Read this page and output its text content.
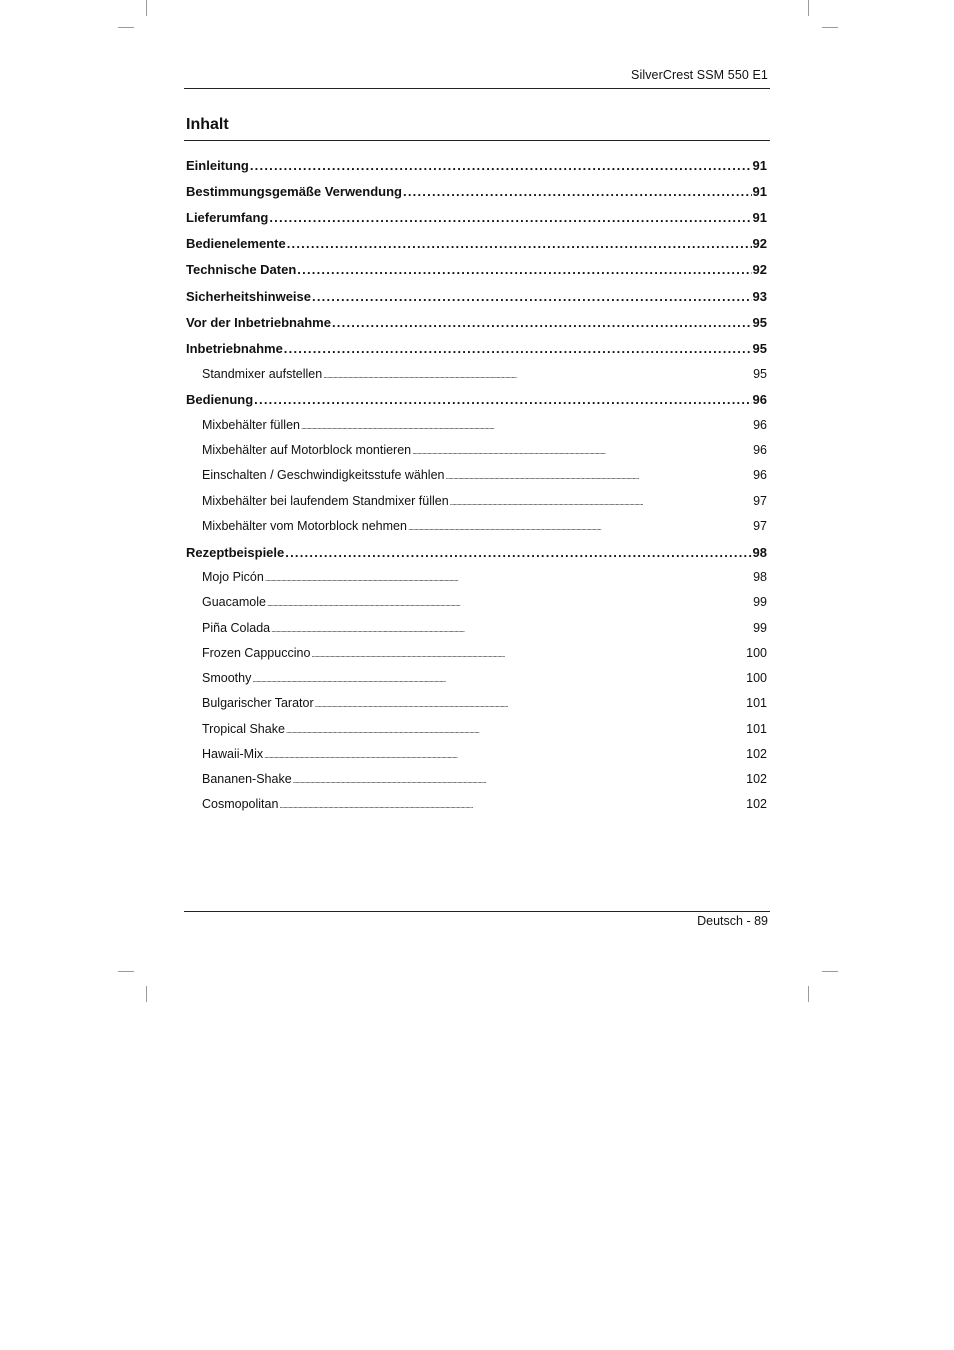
SilverCrest SSM 550 E1
Inhalt
Einleitung . . .	91
Bestimmungsgemäße Verwendung . . .	91
Lieferumfang . . .	91
Bedienelemente . . .	92
Technische Daten . . .	92
Sicherheitshinweise . . .	93
Vor der Inbetriebnahme . . .	95
Inbetriebnahme . . .	95
Standmixer aufstellen . . .	95
Bedienung . . .	96
Mixbehälter füllen . . .	96
Mixbehälter auf Motorblock montieren . . .	96
Einschalten / Geschwindigkeitsstufe wählen . . .	96
Mixbehälter bei laufendem Standmixer füllen . . .	97
Mixbehälter vom Motorblock nehmen . . .	97
Rezeptbeispiele . . .	98
Mojo Picón . . .	98
Guacamole . . .	99
Piña Colada . . .	99
Frozen Cappuccino . . .	100
Smoothy . . .	100
Bulgarischer Tarator . . .	101
Tropical Shake . . .	101
Hawaii-Mix . . .	102
Bananen-Shake . . .	102
Cosmopolitan . . .	102
Deutsch - 89
